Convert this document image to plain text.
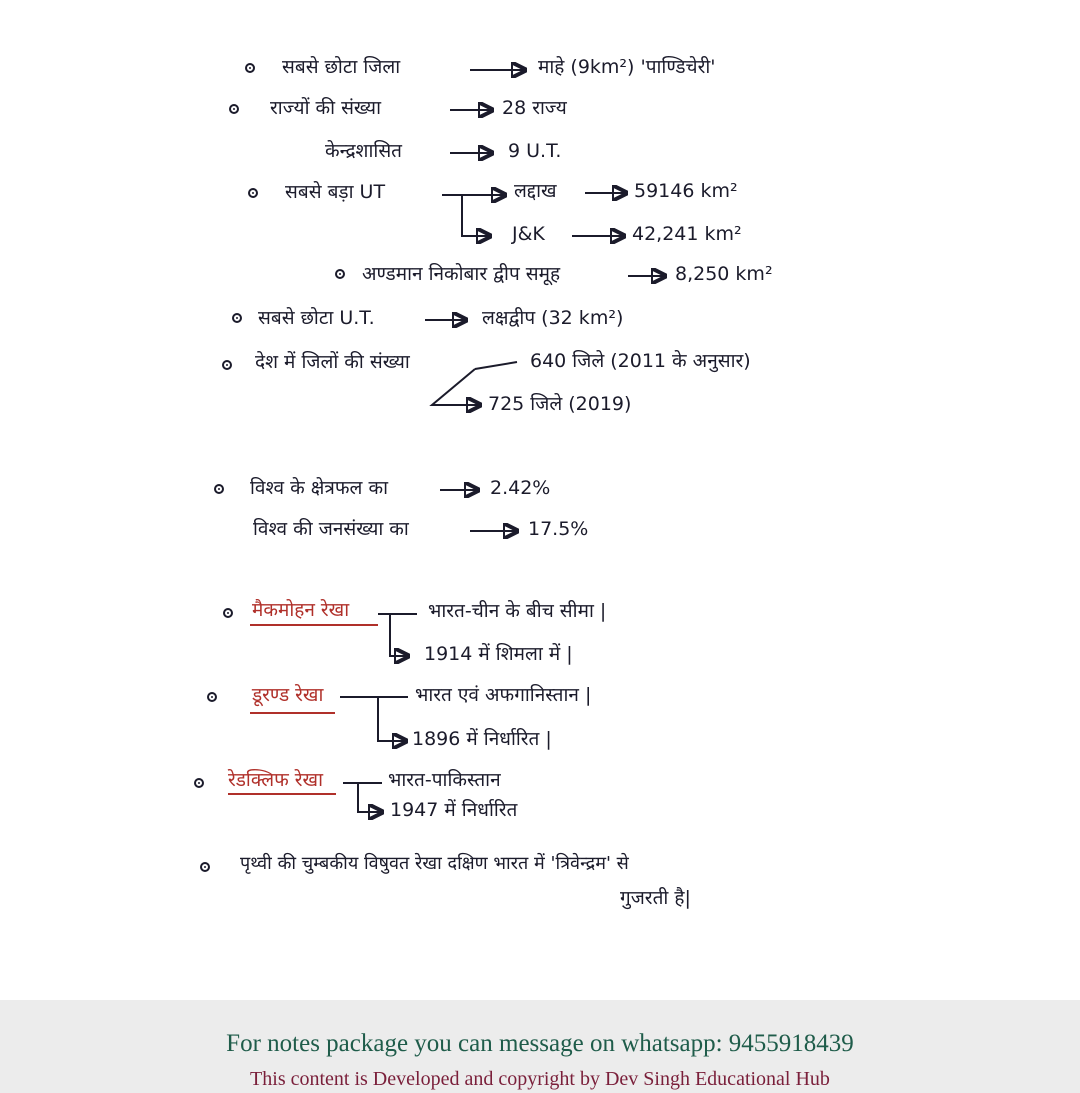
सबसे छोटा जिला	माहे (9km²) 'पाण्डिचेरी'
राज्यों की संख्या	28 राज्य
केन्द्रशासित	9 U.T.
सबसे बड़ा UT	लद्दाख	59146 km²
J&K	42,241 km²
अण्डमान निकोबार द्वीप समूह	8,250 km²
सबसे छोटा U.T.	लक्षद्वीप (32 km²)
देश में जिलों की संख्या	640 जिले (2011 के अनुसार)
725 जिले (2019)
विश्व के क्षेत्रफल का	2.42%
विश्व की जनसंख्या का	17.5%
मैकमोहन रेखा	भारत-चीन के बीच सीमा |
1914 में शिमला में |
डूरण्ड रेखा	भारत एवं अफगानिस्तान |
1896 में निर्धारित |
रेडक्लिफ रेखा	भारत-पाकिस्तान
1947 में निर्धारित
पृथ्वी की चुम्बकीय विषुवत रेखा दक्षिण भारत में 'त्रिवेन्द्रम' से
गुजरती है|
For notes package you can message on whatsapp: 9455918439
This content is Developed and copyright by Dev Singh Educational Hub
